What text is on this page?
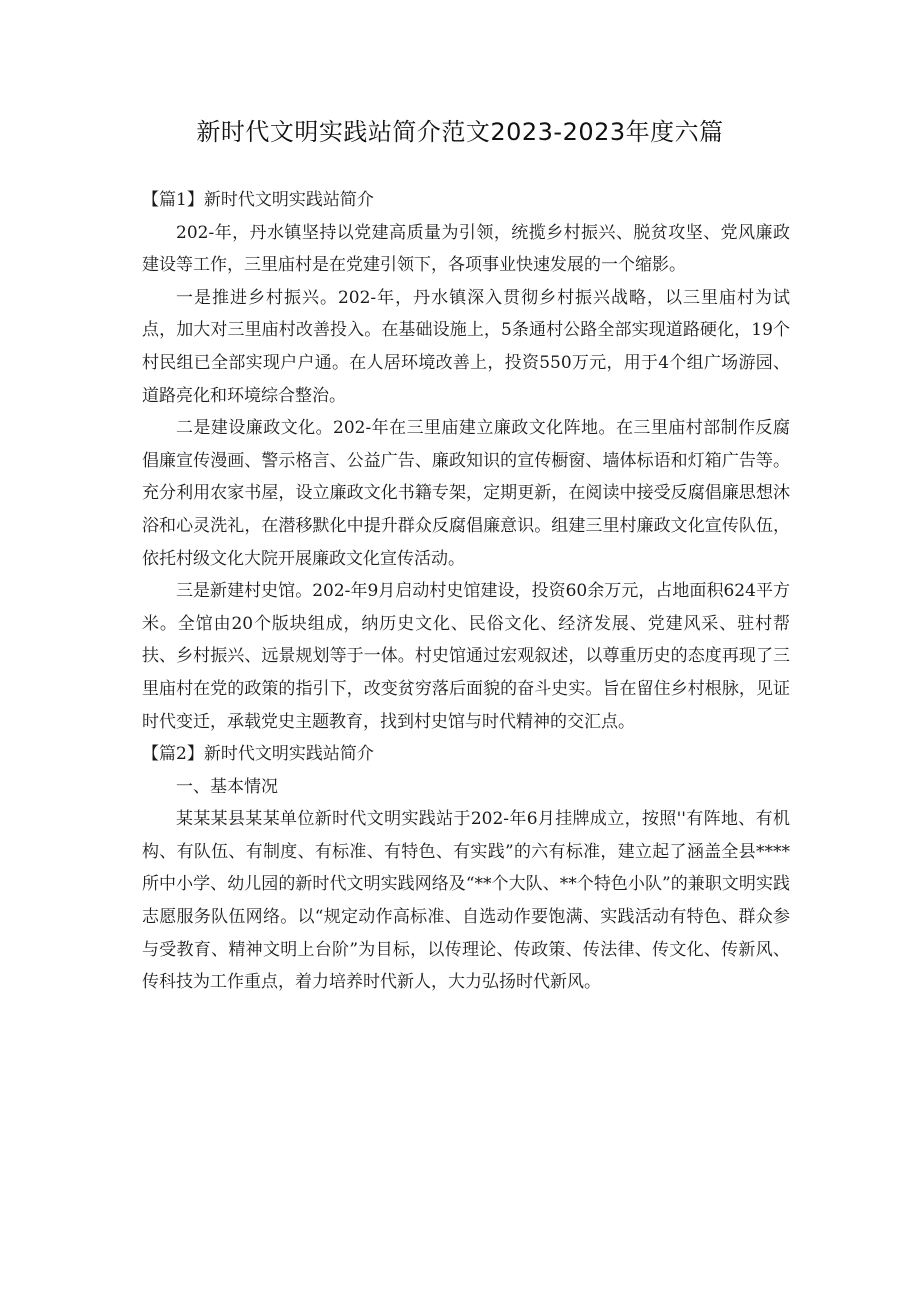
新时代文明实践站简介范文2023-2023年度六篇

【篇1】新时代文明实践站简介

202-年，丹水镇坚持以党建高质量为引领，统揽乡村振兴、脱贫攻坚、党风廉政建设等工作，三里庙村是在党建引领下，各项事业快速发展的一个缩影。

一是推进乡村振兴。202-年，丹水镇深入贯彻乡村振兴战略，以三里庙村为试点，加大对三里庙村改善投入。在基础设施上，5条通村公路全部实现道路硬化，19个村民组已全部实现户户通。在人居环境改善上，投资550万元，用于4个组广场游园、道路亮化和环境综合整治。

二是建设廉政文化。202-年在三里庙建立廉政文化阵地。在三里庙村部制作反腐倡廉宣传漫画、警示格言、公益广告、廉政知识的宣传橱窗、墙体标语和灯箱广告等。充分利用农家书屋，设立廉政文化书籍专架，定期更新，在阅读中接受反腐倡廉思想沐浴和心灵洗礼，在潜移默化中提升群众反腐倡廉意识。组建三里村廉政文化宣传队伍，依托村级文化大院开展廉政文化宣传活动。

三是新建村史馆。202-年9月启动村史馆建设，投资60余万元，占地面积624平方米。全馆由20个版块组成，纳历史文化、民俗文化、经济发展、党建风采、驻村帮扶、乡村振兴、远景规划等于一体。村史馆通过宏观叙述，以尊重历史的态度再现了三里庙村在党的政策的指引下，改变贫穷落后面貌的奋斗史实。旨在留住乡村根脉，见证时代变迁，承载党史主题教育，找到村史馆与时代精神的交汇点。

【篇2】新时代文明实践站简介

一、基本情况

某某某县某某单位新时代文明实践站于202-年6月挂牌成立，按照''有阵地、有机构、有队伍、有制度、有标准、有特色、有实践”的六有标准，建立起了涵盖全县****所中小学、幼儿园的新时代文明实践网络及“**个大队、**个特色小队”的兼职文明实践志愿服务队伍网络。以“规定动作高标准、自选动作要饱满、实践活动有特色、群众参与受教育、精神文明上台阶”为目标，以传理论、传政策、传法律、传文化、传新风、传科技为工作重点，着力培养时代新人，大力弘扬时代新风。
